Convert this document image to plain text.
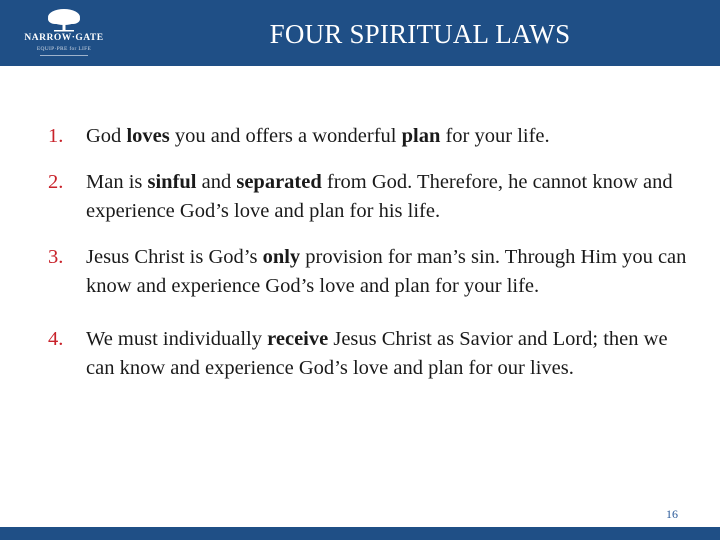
NARROW·GATE
EQUIP·PRE for LIFE	FOUR SPIRITUAL LAWS
1.	God loves you and offers a wonderful plan for your life.
2.	Man is sinful and separated from God. Therefore, he cannot know and experience God’s love and plan for his life.
3.	Jesus Christ is God’s only provision for man’s sin. Through Him you can know and experience God’s love and plan for your life.
4.	We must individually receive Jesus Christ as Savior and Lord; then we can know and experience God’s love and plan for our lives.
16
